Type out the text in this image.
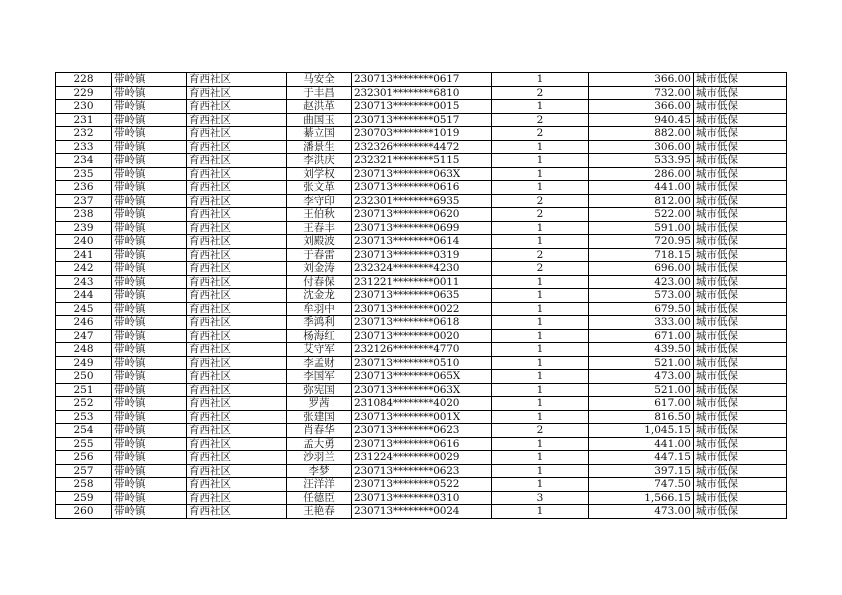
228	带岭镇	育西社区	马安全	230713********0617	1	366.00	城市低保
229	带岭镇	育西社区	于丰昌	232301********6810	2	732.00	城市低保
230	带岭镇	育西社区	赵洪革	230713********0015	1	366.00	城市低保
231	带岭镇	育西社区	曲国玉	230713********0517	2	940.45	城市低保
232	带岭镇	育西社区	綦立国	230703********1019	2	882.00	城市低保
233	带岭镇	育西社区	潘景生	232326********4472	1	306.00	城市低保
234	带岭镇	育西社区	李洪庆	232321********5115	1	533.95	城市低保
235	带岭镇	育西社区	刘学权	230713********063X	1	286.00	城市低保
236	带岭镇	育西社区	张文革	230713********0616	1	441.00	城市低保
237	带岭镇	育西社区	李守印	232301********6935	2	812.00	城市低保
238	带岭镇	育西社区	王伯秋	230713********0620	2	522.00	城市低保
239	带岭镇	育西社区	王春丰	230713********0699	1	591.00	城市低保
240	带岭镇	育西社区	刘殿波	230713********0614	1	720.95	城市低保
241	带岭镇	育西社区	于春雷	230713********0319	2	718.15	城市低保
242	带岭镇	育西社区	刘金涛	232324********4230	2	696.00	城市低保
243	带岭镇	育西社区	付春保	231221********0011	1	423.00	城市低保
244	带岭镇	育西社区	沈金龙	230713********0635	1	573.00	城市低保
245	带岭镇	育西社区	牟羽中	230713********0022	1	679.50	城市低保
246	带岭镇	育西社区	季鸿利	230713********0618	1	333.00	城市低保
247	带岭镇	育西社区	杨海红	230713********0020	1	671.00	城市低保
248	带岭镇	育西社区	艾守军	232126********4770	1	439.50	城市低保
249	带岭镇	育西社区	李孟财	230713********0510	1	521.00	城市低保
250	带岭镇	育西社区	李国军	230713********065X	1	473.00	城市低保
251	带岭镇	育西社区	弥宪国	230713********063X	1	521.00	城市低保
252	带岭镇	育西社区	罗茜	231084********4020	1	617.00	城市低保
253	带岭镇	育西社区	张建国	230713********001X	1	816.50	城市低保
254	带岭镇	育西社区	肖春华	230713********0623	2	1,045.15	城市低保
255	带岭镇	育西社区	孟大勇	230713********0616	1	441.00	城市低保
256	带岭镇	育西社区	沙羽兰	231224********0029	1	447.15	城市低保
257	带岭镇	育西社区	李梦	230713********0623	1	397.15	城市低保
258	带岭镇	育西社区	汪洋洋	230713********0522	1	747.50	城市低保
259	带岭镇	育西社区	任德臣	230713********0310	3	1,566.15	城市低保
260	带岭镇	育西社区	王艳春	230713********0024	1	473.00	城市低保
